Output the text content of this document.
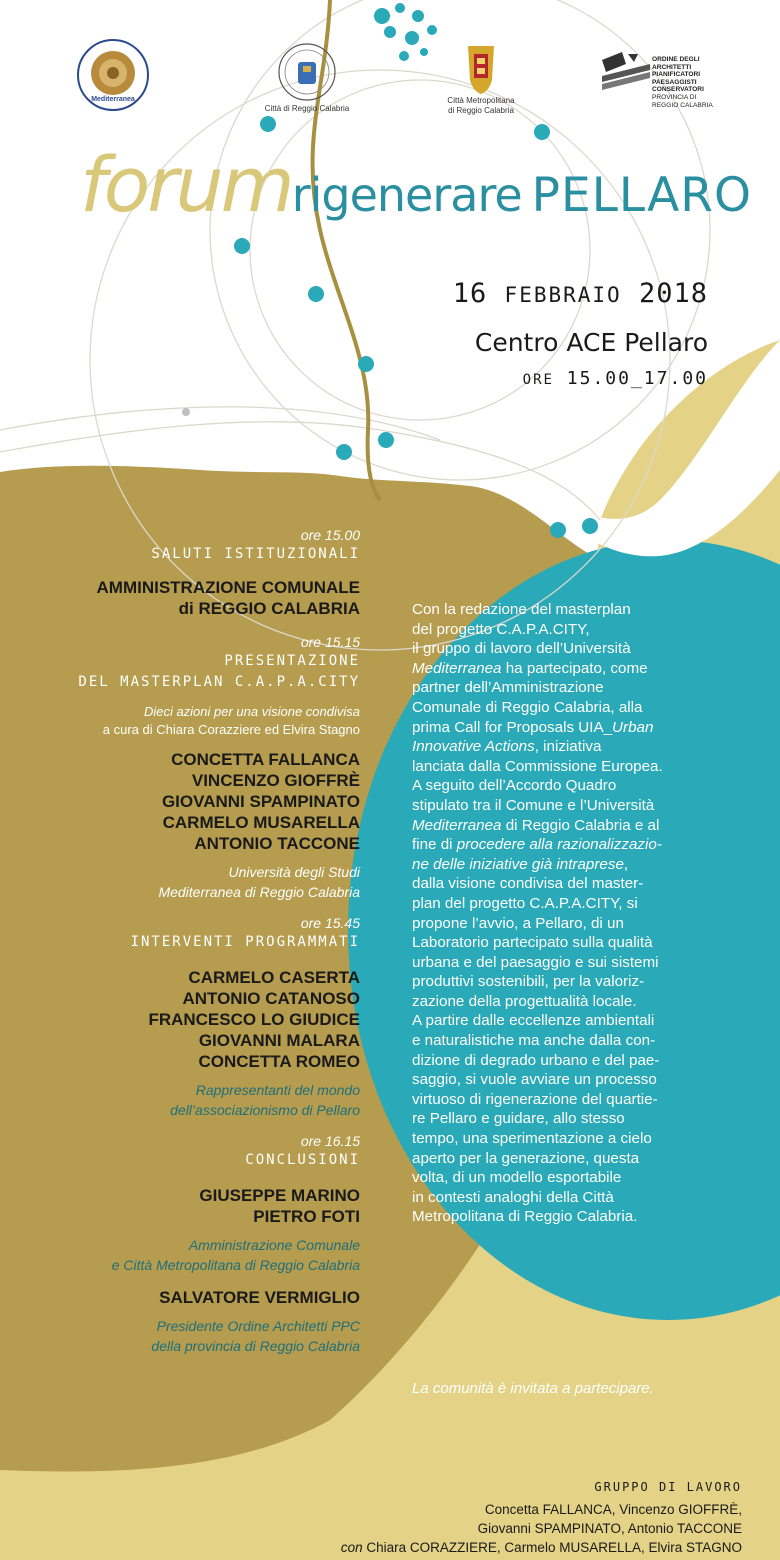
Mediterranea
Città di Reggio Calabria
Città Metropolitana
di Reggio Calabria
ORDINE DEGLI
ARCHITETTI
PIANIFICATORI
PAESAGGISTI
CONSERVATORI
PROVINCIA DI
REGGIO CALABRIA
forumrigenerare PELLARO
16 FEBBRAIO 2018
Centro ACE Pellaro
ORE 15.00_17.00
ore 15.00
SALUTI ISTITUZIONALI
AMMINISTRAZIONE COMUNALE
di REGGIO CALABRIA
ore 15.15
PRESENTAZIONE
DEL MASTERPLAN C.A.P.A.CITY
Dieci azioni per una visione condivisa
a cura di Chiara Corazziere ed Elvira Stagno
CONCETTA FALLANCA
VINCENZO GIOFFRÈ
GIOVANNI SPAMPINATO
CARMELO MUSARELLA
ANTONIO TACCONE
Università degli Studi
Mediterranea di Reggio Calabria
ore 15.45
INTERVENTI PROGRAMMATI
CARMELO CASERTA
ANTONIO CATANOSO
FRANCESCO LO GIUDICE
GIOVANNI MALARA
CONCETTA ROMEO
Rappresentanti del mondo
dell’associazionismo di Pellaro
ore 16.15
CONCLUSIONI
GIUSEPPE MARINO
PIETRO FOTI
Amministrazione Comunale
e Città Metropolitana di Reggio Calabria
SALVATORE VERMIGLIO
Presidente Ordine Architetti PPC
della provincia di Reggio Calabria

Con la redazione del masterplan

del progetto C.A.P.A.CITY,

il gruppo di lavoro dell’Università

Mediterranea ha partecipato, come

partner dell’Amministrazione

Comunale di Reggio Calabria, alla

prima Call for Proposals UIA_Urban

Innovative Actions, iniziativa

lanciata dalla Commissione Europea.

A seguito dell’Accordo Quadro

stipulato tra il Comune e l’Università

Mediterranea di Reggio Calabria e al

fine di procedere alla razionalizzazio-

ne delle iniziative già intraprese,

dalla visione condivisa del master-

plan del progetto C.A.P.A.CITY, si

propone l’avvio, a Pellaro, di un

Laboratorio partecipato sulla qualità

urbana e del paesaggio e sui sistemi

produttivi sostenibili, per la valoriz-

zazione della progettualità locale.

A partire dalle eccellenze ambientali

e naturalistiche ma anche dalla con-

dizione di degrado urbano e del pae-

saggio, si vuole avviare un processo

virtuoso di rigenerazione del quartie-

re Pellaro e guidare, allo stesso

tempo, una sperimentazione a cielo

aperto per la generazione, questa

volta, di un modello esportabile

in contesti analoghi della Città

Metropolitana di Reggio Calabria.

La comunità è invitata a partecipare.
GRUPPO DI LAVORO
Concetta FALLANCA, Vincenzo GIOFFRÈ,
Giovanni SPAMPINATO, Antonio TACCONE
con Chiara CORAZZIERE, Carmelo MUSARELLA, Elvira STAGNO
